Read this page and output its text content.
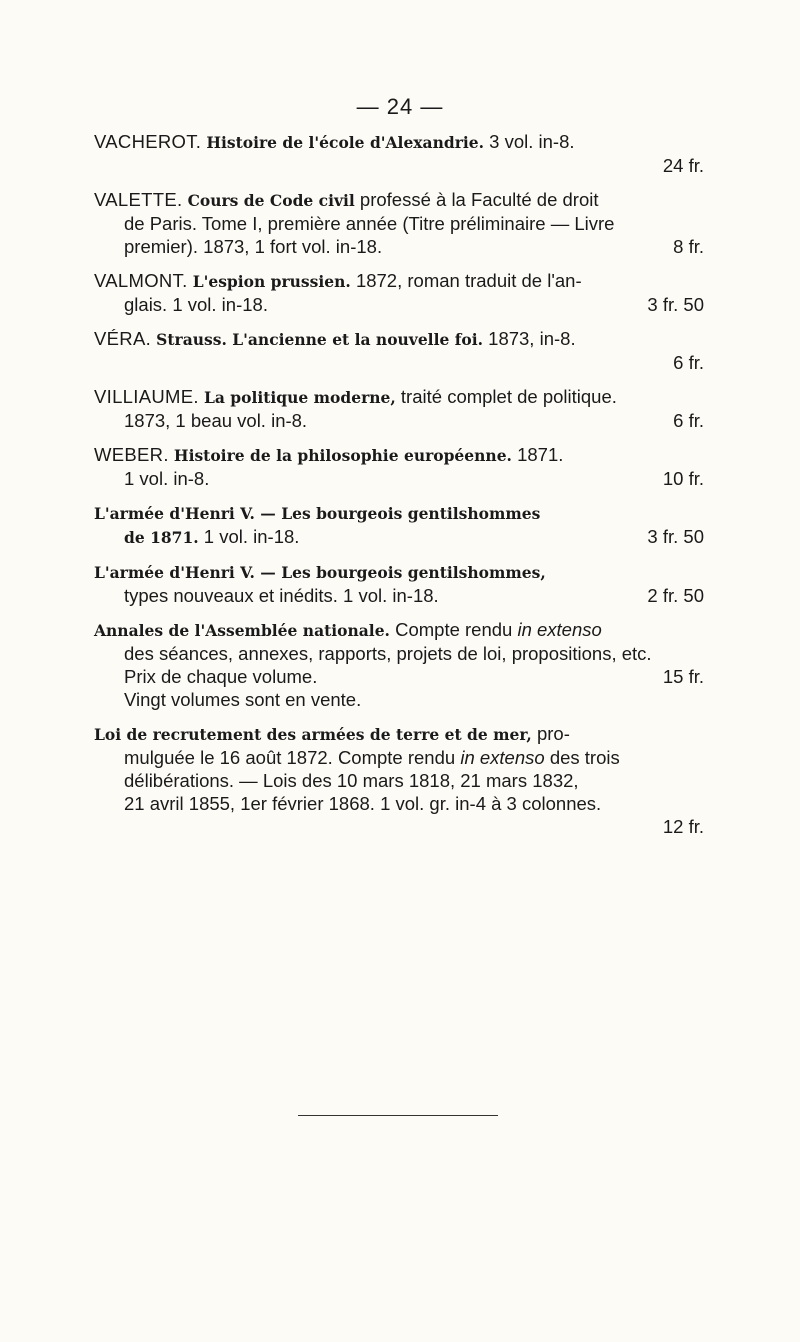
— 24 —
VACHEROT. Histoire de l'école d'Alexandrie. 3 vol. in-8.
24 fr.
VALETTE. Cours de Code civil professé à la Faculté de droit
de Paris. Tome I, première année (Titre préliminaire — Livre
premier). 1873, 1 fort vol. in-18.	8 fr.
VALMONT. L'espion prussien. 1872, roman traduit de l'an-
glais. 1 vol. in-18.	3 fr. 50
VÉRA. Strauss. L'ancienne et la nouvelle foi. 1873, in-8.
6 fr.
VILLIAUME. La politique moderne, traité complet de politique.
1873, 1 beau vol. in-8.	6 fr.
WEBER. Histoire de la philosophie européenne. 1871.
1 vol. in-8.	10 fr.
L'armée d'Henri V. — Les bourgeois gentilshommes
de 1871. 1 vol. in-18.	3 fr. 50
L'armée d'Henri V. — Les bourgeois gentilshommes,
types nouveaux et inédits. 1 vol. in-18.	2 fr. 50
Annales de l'Assemblée nationale. Compte rendu in extenso
des séances, annexes, rapports, projets de loi, propositions, etc.
Prix de chaque volume.	15 fr.
Vingt volumes sont en vente.
Loi de recrutement des armées de terre et de mer, pro-
mulguée le 16 août 1872. Compte rendu in extenso des trois
délibérations. — Lois des 10 mars 1818, 21 mars 1832,
21 avril 1855, 1er février 1868. 1 vol. gr. in-4 à 3 colonnes.
12 fr.
